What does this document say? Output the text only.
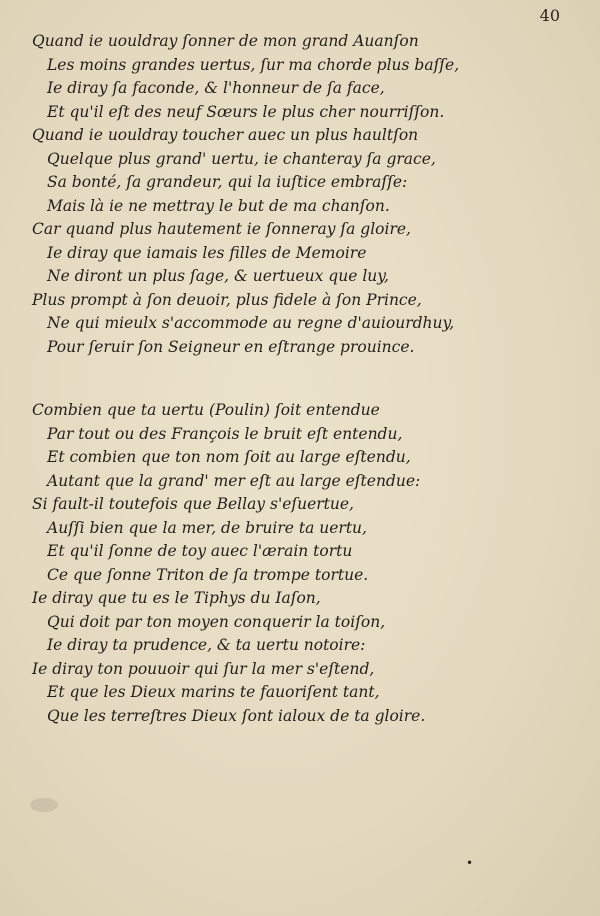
40
Quand ie uouldray ſonner de mon grand Auanſon
Les moins grandes uertus, ſur ma chorde plus baſſe,
Ie diray ſa faconde, & l'honneur de ſa face,
Et qu'il eſt des neuf Sœurs le plus cher nourriſſon.
Quand ie uouldray toucher auec un plus haultſon
Quelque plus grand' uertu, ie chanteray ſa grace,
Sa bonté, ſa grandeur, qui la iuſtice embraſſe:
Mais là ie ne mettray le but de ma chanſon.
Car quand plus hautement ie ſonneray ſa gloire,
Ie diray que iamais les filles de Memoire
Ne diront un plus ſage, & uertueux que luy,
Plus prompt à ſon deuoir, plus fidele à ſon Prince,
Ne qui mieulx s'accommode au regne d'auiourdhuy,
Pour ſeruir ſon Seigneur en eſtrange prouince.
Combien que ta uertu (Poulin) ſoit entendue
Par tout ou des François le bruit eſt entendu,
Et combien que ton nom ſoit au large eſtendu,
Autant que la grand' mer eſt au large eſtendue:
Si fault-il toutefois que Bellay s'eſuertue,
Auſſi bien que la mer, de bruire ta uertu,
Et qu'il ſonne de toy auec l'ærain tortu
Ce que ſonne Triton de ſa trompe tortue.
Ie diray que tu es le Tiphys du Iaſon,
Qui doit par ton moyen conquerir la toiſon,
Ie diray ta prudence, & ta uertu notoire:
Ie diray ton pouuoir qui ſur la mer s'eſtend,
Et que les Dieux marins te fauoriſent tant,
Que les terreſtres Dieux ſont ialoux de ta gloire.
•
